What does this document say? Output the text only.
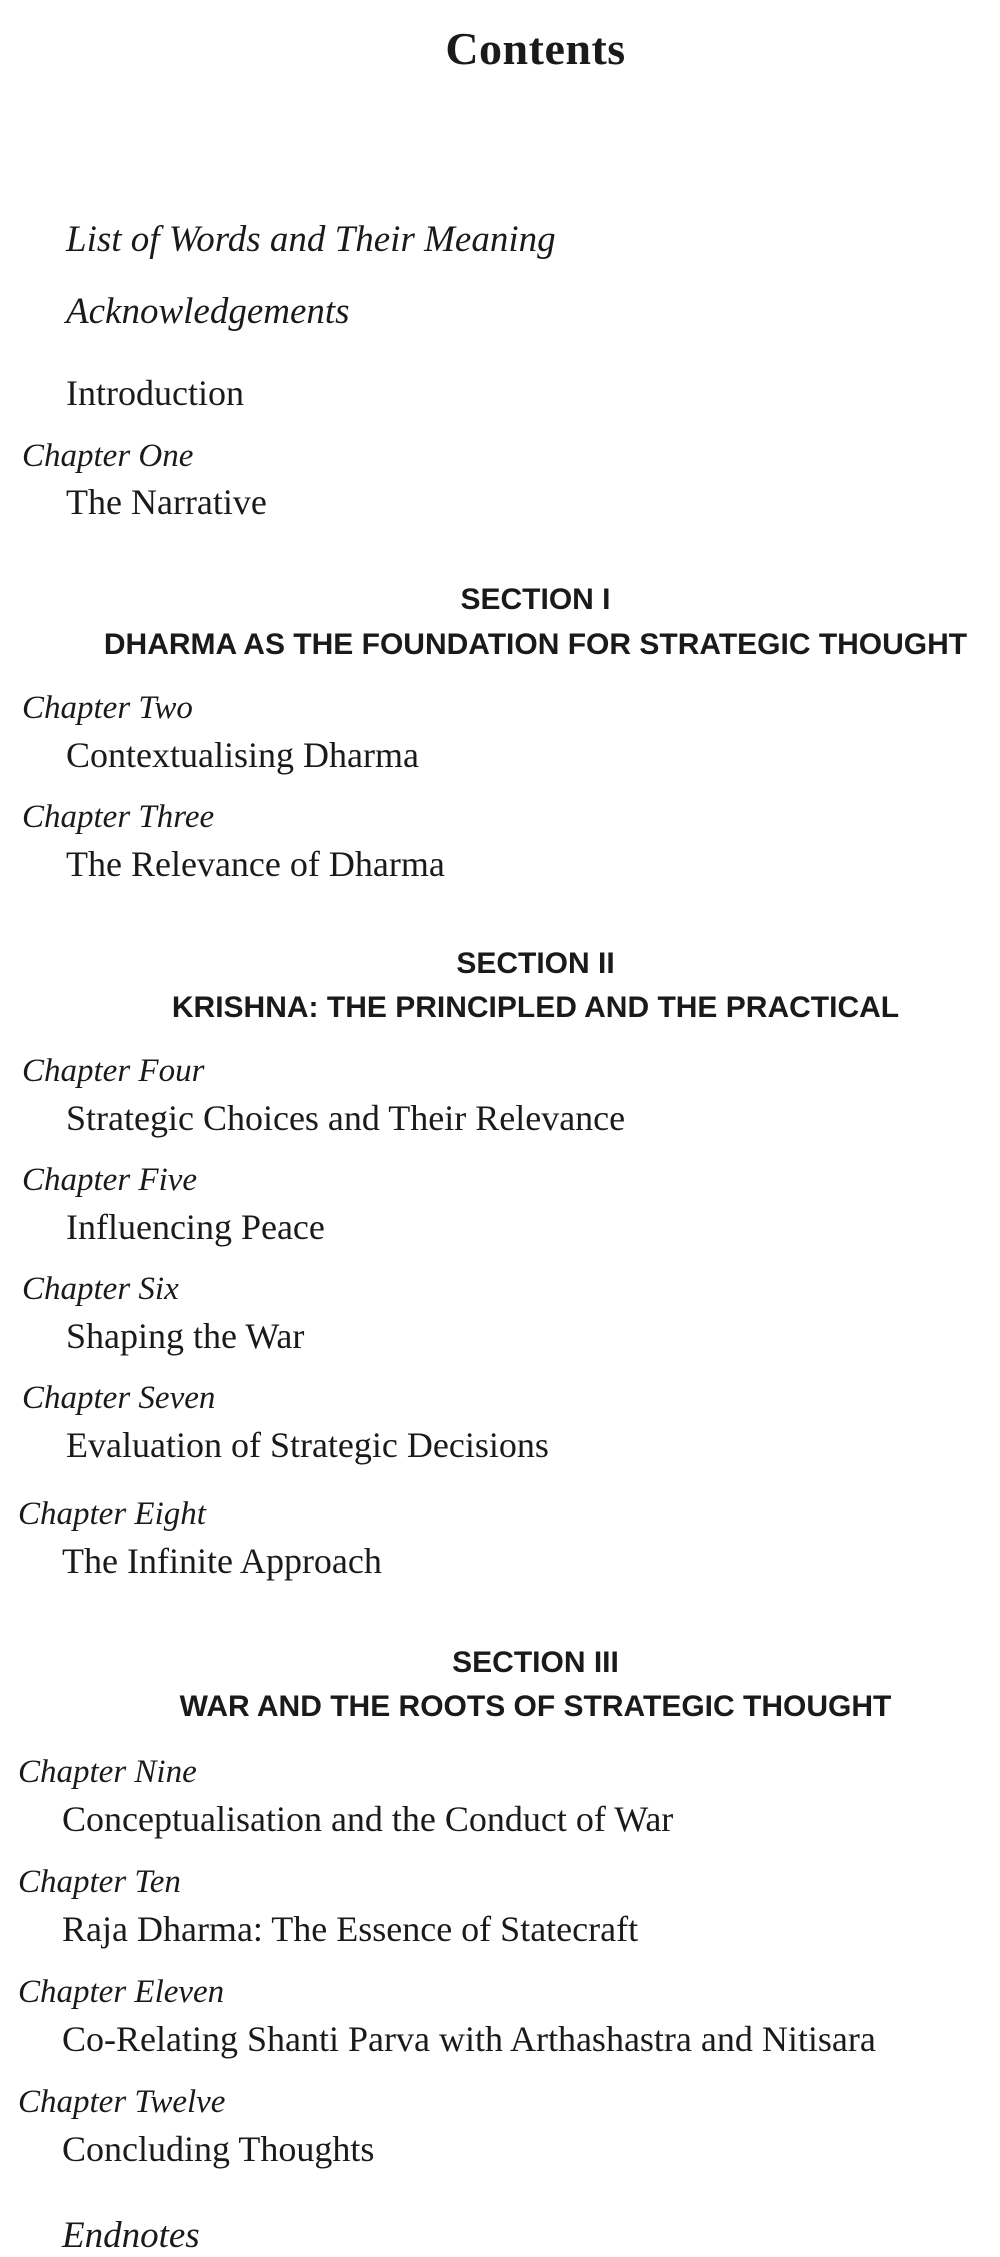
Contents
List of Words and Their Meaning
Acknowledgements
Introduction
Chapter One
The Narrative
SECTION I
DHARMA AS THE FOUNDATION FOR STRATEGIC THOUGHT
Chapter Two
Contextualising Dharma
Chapter Three
The Relevance of Dharma
SECTION II
KRISHNA: THE PRINCIPLED AND THE PRACTICAL
Chapter Four
Strategic Choices and Their Relevance
Chapter Five
Influencing Peace
Chapter Six
Shaping the War
Chapter Seven
Evaluation of Strategic Decisions
Chapter Eight
The Infinite Approach
SECTION III
WAR AND THE ROOTS OF STRATEGIC THOUGHT
Chapter Nine
Conceptualisation and the Conduct of War
Chapter Ten
Raja Dharma: The Essence of Statecraft
Chapter Eleven
Co-Relating Shanti Parva with Arthashastra and Nitisara
Chapter Twelve
Concluding Thoughts
Endnotes
